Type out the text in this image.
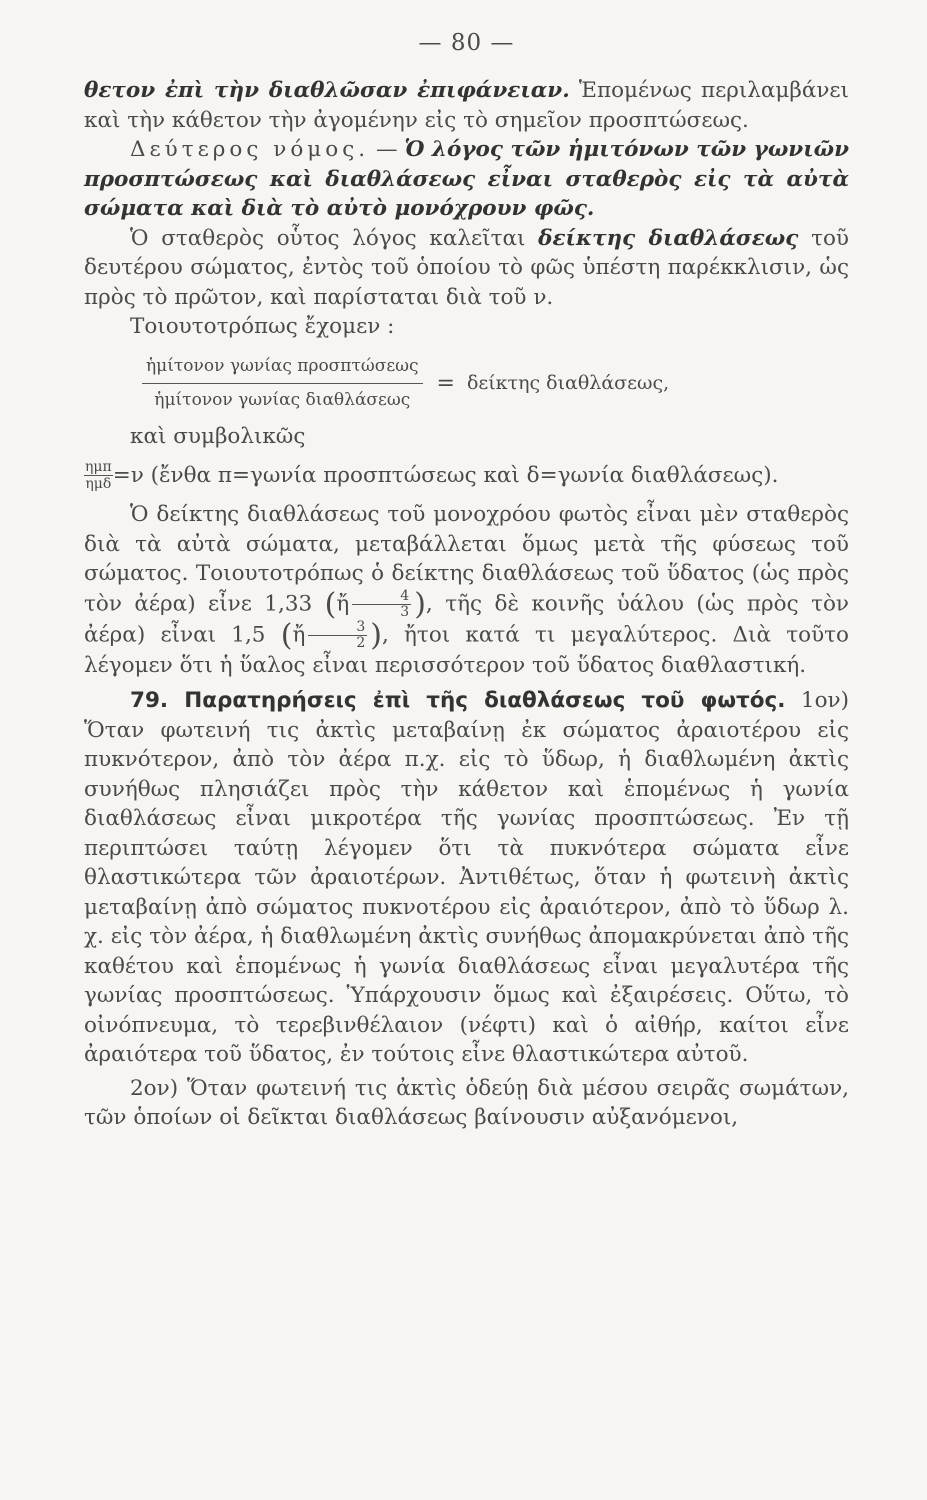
— 80 —

θετον ἐπὶ τὴν διαθλῶσαν ἐπιφάνειαν. Ἑπομένως περιλαμβάνει καὶ τὴν κάθετον τὴν ἀγομένην εἰς τὸ σημεῖον προσπτώσεως.

Δεύτερος νόμος. — Ὁ λόγος τῶν ἡμιτόνων τῶν γωνιῶν προσπτώσεως καὶ διαθλάσεως εἶναι σταθερὸς εἰς τὰ αὐτὰ σώματα καὶ διὰ τὸ αὐτὸ μονόχρουν φῶς.

Ὁ σταθερὸς οὗτος λόγος καλεῖται δείκτης διαθλάσεως τοῦ δευτέρου σώματος, ἐντὸς τοῦ ὁποίου τὸ φῶς ὑπέστη παρέκκλισιν, ὡς πρὸς τὸ πρῶτον, καὶ παρίσταται διὰ τοῦ ν.

Τοιουτοτρόπως ἔχομεν :

$\frac{\text{ἡμίτονον γωνίας προσπτώσεως}}{\text{ἡμίτονον γωνίας διαθλάσεως}} = \delta\varepsilon ί\kappa\tau\eta\varsigma$ διαθλάσεως,

καὶ συμβολικῶς

$\frac{\text{ημπ}}{\text{ημδ}} =\nu$ (ἔνθα π=γωνία προσπτώσεως καὶ δ=γωνία διαθλάσεως).

Ὁ δείκτης διαθλάσεως τοῦ μονοχρόου φωτὸς εἶναι μὲν σταθερὸς διὰ τὰ αὐτὰ σώματα, μεταβάλλεται ὅμως μετὰ τῆς φύσεως τοῦ σώματος. Τοιουτοτρόπως ὁ δείκτης διαθλάσεως τοῦ ὕδατος (ὡς πρὸς τὸν ἀέρα) εἶνε 1,33 (ἤ $\frac{4}{3}$ ), τῆς δὲ κοινῆς ὑάλου (ὡς πρὸς τὸν ἀέρα) εἶναι 1,5 (ἤ $\frac{3}{2}$ ), ἤτοι κατά τι μεγαλύτερος. Διὰ τοῦτο λέγομεν ὅτι ἡ ὕαλος εἶναι περισσότερον τοῦ ὕδατος διαθλαστική.

79. Παρατηρήσεις ἐπὶ τῆς διαθλάσεως τοῦ φωτός. 1ον) Ὅταν φωτεινή τις ἀκτὶς μεταβαίνῃ ἐκ σώματος ἀραιοτέρου εἰς πυκνότερον, ἀπὸ τὸν ἀέρα π.χ. εἰς τὸ ὕδωρ, ἡ διαθλωμένη ἀκτὶς συνήθως πλησιάζει πρὸς τὴν κάθετον καὶ ἑπομένως ἡ γωνία διαθλάσεως εἶναι μικροτέρα τῆς γωνίας προσπτώσεως. Ἐν τῇ περιπτώσει ταύτῃ λέγομεν ὅτι τὰ πυκνότερα σώματα εἶνε θλαστικώτερα τῶν ἀραιοτέρων. Ἀντιθέτως, ὅταν ἡ φωτεινὴ ἀκτὶς μεταβαίνῃ ἀπὸ σώματος πυκνοτέρου εἰς ἀραιότερον, ἀπὸ τὸ ὕδωρ λ. χ. εἰς τὸν ἀέρα, ἡ διαθλωμένη ἀκτὶς συνήθως ἀπομακρύνεται ἀπὸ τῆς καθέτου καὶ ἑπομένως ἡ γωνία διαθλάσεως εἶναι μεγαλυτέρα τῆς γωνίας προσπτώσεως. Ὑπάρχουσιν ὅμως καὶ ἐξαιρέσεις. Οὕτω, τὸ οἰνόπνευμα, τὸ τερεβινθέλαιον (νέφτι) καὶ ὁ αἰθήρ, καίτοι εἶνε ἀραιότερα τοῦ ὕδατος, ἐν τούτοις εἶνε θλαστικώτερα αὐτοῦ.

2ον) Ὅταν φωτεινή τις ἀκτὶς ὁδεύῃ διὰ μέσου σειρᾶς σωμάτων, τῶν ὁποίων οἱ δεῖκται διαθλάσεως βαίνουσιν αὐξανόμενοι,
